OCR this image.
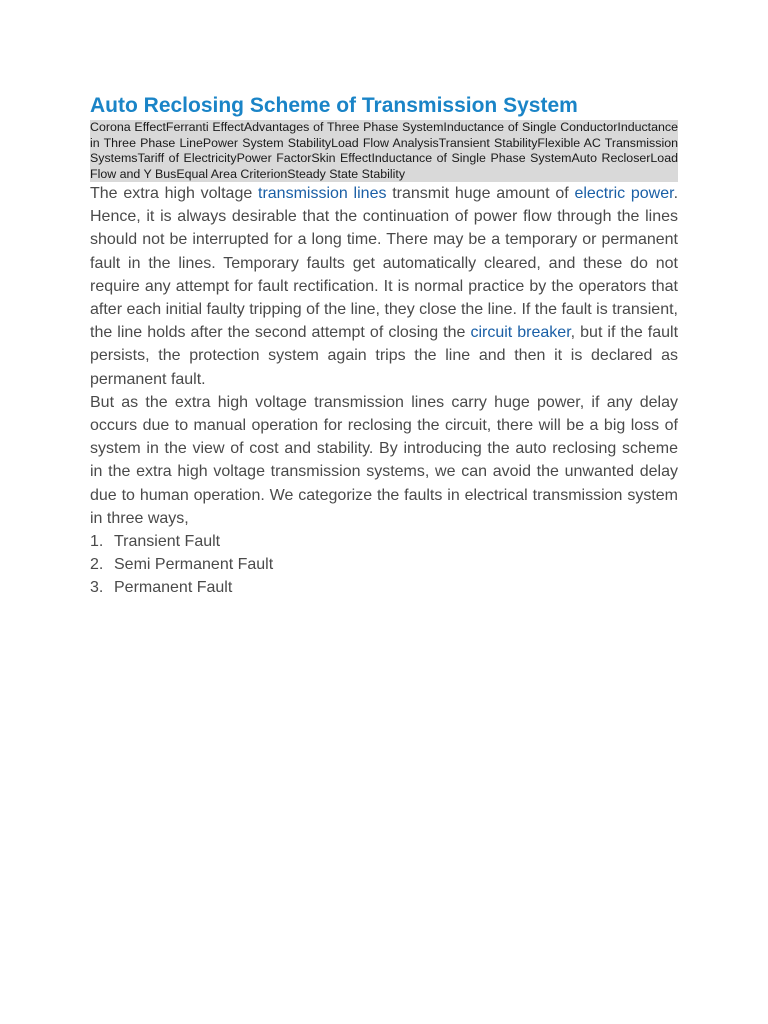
Auto Reclosing Scheme of Transmission System

Corona EffectFerranti EffectAdvantages of Three Phase SystemInductance of Single ConductorInductance in Three Phase LinePower System StabilityLoad Flow AnalysisTransient StabilityFlexible AC Transmission SystemsTariff of ElectricityPower FactorSkin EffectInductance of Single Phase SystemAuto RecloserLoad Flow and Y BusEqual Area CriterionSteady State Stability

The extra high voltage transmission lines transmit huge amount of electric power. Hence, it is always desirable that the continuation of power flow through the lines should not be interrupted for a long time. There may be a temporary or permanent fault in the lines. Temporary faults get automatically cleared, and these do not require any attempt for fault rectification. It is normal practice by the operators that after each initial faulty tripping of the line, they close the line. If the fault is transient, the line holds after the second attempt of closing the circuit breaker, but if the fault persists, the protection system again trips the line and then it is declared as permanent fault.

But as the extra high voltage transmission lines carry huge power, if any delay occurs due to manual operation for reclosing the circuit, there will be a big loss of system in the view of cost and stability. By introducing the auto reclosing scheme in the extra high voltage transmission systems, we can avoid the unwanted delay due to human operation. We categorize the faults in electrical transmission system in three ways,

1. Transient Fault
2. Semi Permanent Fault
3. Permanent Fault
